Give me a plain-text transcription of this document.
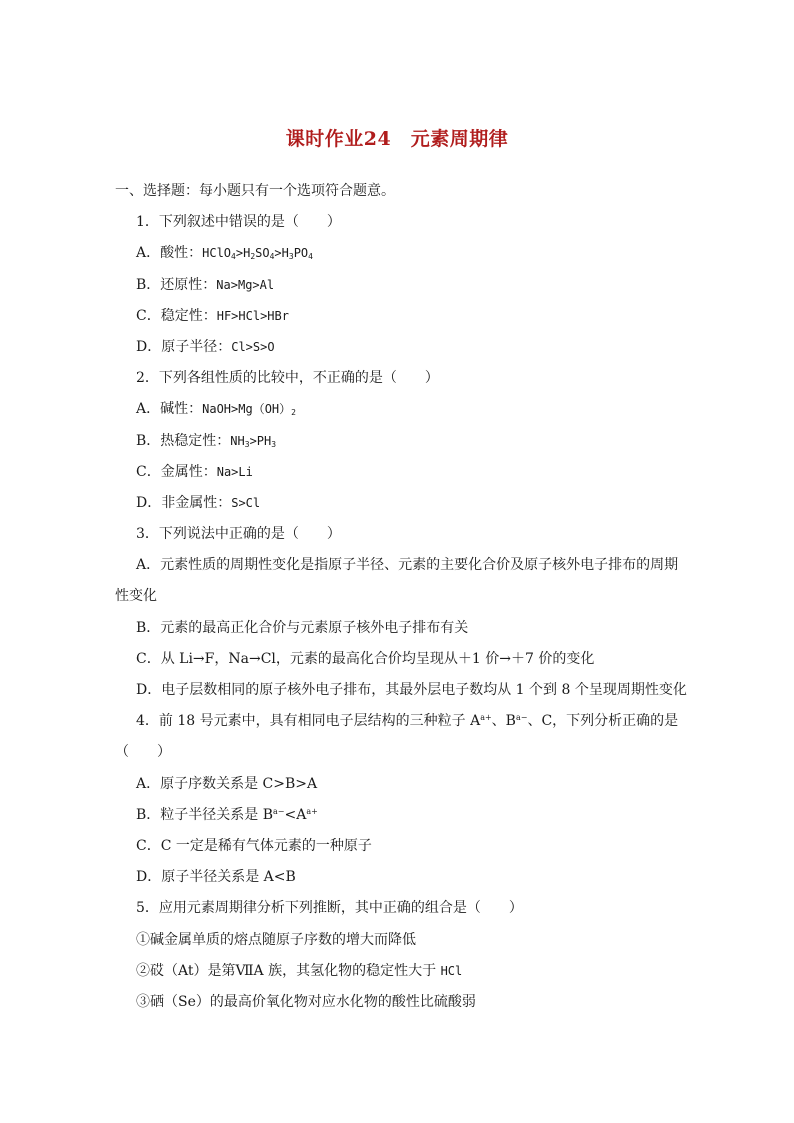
课时作业24　元素周期律
一、选择题：每小题只有一个选项符合题意。
1．下列叙述中错误的是（　　）
A．酸性：$HClO_4>H_2SO_4>H_3PO_4$
B．还原性：Na>Mg>Al
C．稳定性：HF>HCl>HBr
D．原子半径：Cl>S>O
2．下列各组性质的比较中，不正确的是（　　）
A．碱性：$NaOH>Mg(OH)_2$
B．热稳定性：$NH_3>PH_3$
C．金属性：Na>Li
D．非金属性：S>Cl
3．下列说法中正确的是（　　）
A．元素性质的周期性变化是指原子半径、元素的主要化合价及原子核外电子排布的周期
性变化
B．元素的最高正化合价与元素原子核外电子排布有关
C．从 Li→F，Na→Cl，元素的最高化合价均呈现从＋1 价→＋7 价的变化
D．电子层数相同的原子核外电子排布，其最外层电子数均从 1 个到 8 个呈现周期性变化
4．前 18 号元素中，具有相同电子层结构的三种粒子 $A^{a+}$、$B^{a-}$、C，下列分析正确的是
（　　）
A．原子序数关系是 C>B>A
B．粒子半径关系是 $B^{a-}<A^{a+}$
C．C 一定是稀有气体元素的一种原子
D．原子半径关系是 A<B
5．应用元素周期律分析下列推断，其中正确的组合是（　　）
①碱金属单质的熔点随原子序数的增大而降低
②砹（At）是第ⅦA 族，其氢化物的稳定性大于 HCl
③硒（Se）的最高价氧化物对应水化物的酸性比硫酸弱
